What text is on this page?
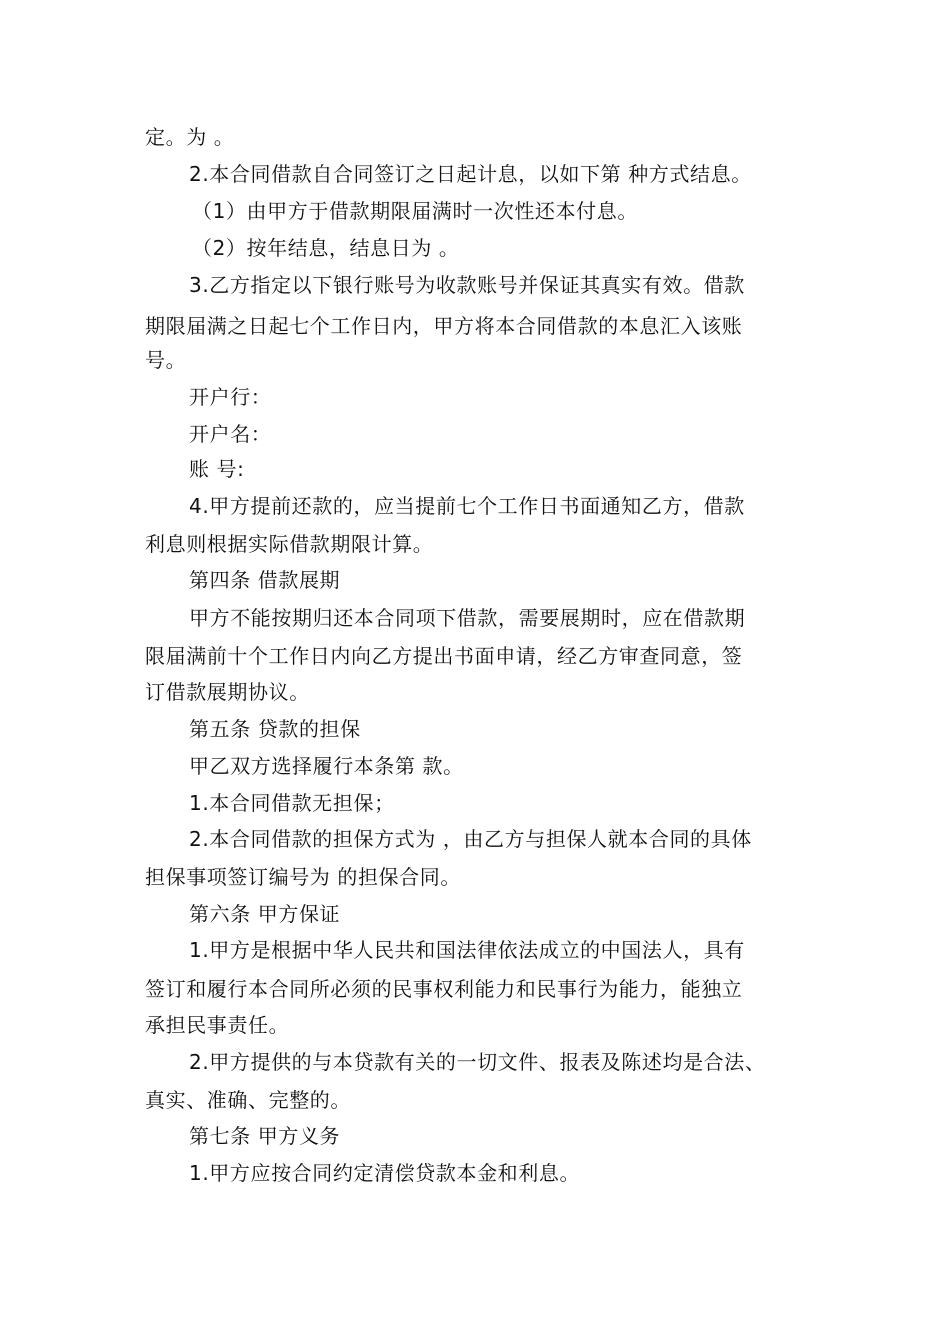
定。为 。
2.本合同借款自合同签订之日起计息，以如下第 种方式结息。
（1）由甲方于借款期限届满时一次性还本付息。
（2）按年结息，结息日为 。
3.乙方指定以下银行账号为收款账号并保证其真实有效。借款
期限届满之日起七个工作日内，甲方将本合同借款的本息汇入该账
号。
开户行：
开户名：
账 号:
4.甲方提前还款的，应当提前七个工作日书面通知乙方，借款
利息则根据实际借款期限计算。
第四条 借款展期
甲方不能按期归还本合同项下借款，需要展期时，应在借款期
限届满前十个工作日内向乙方提出书面申请，经乙方审查同意，签
订借款展期协议。
第五条 贷款的担保
甲乙双方选择履行本条第 款。
1.本合同借款无担保；
2.本合同借款的担保方式为 ，由乙方与担保人就本合同的具体
担保事项签订编号为 的担保合同。
第六条 甲方保证
1.甲方是根据中华人民共和国法律依法成立的中国法人，具有
签订和履行本合同所必须的民事权利能力和民事行为能力，能独立
承担民事责任。
2.甲方提供的与本贷款有关的一切文件、报表及陈述均是合法、
真实、准确、完整的。
第七条 甲方义务
1.甲方应按合同约定清偿贷款本金和利息。
